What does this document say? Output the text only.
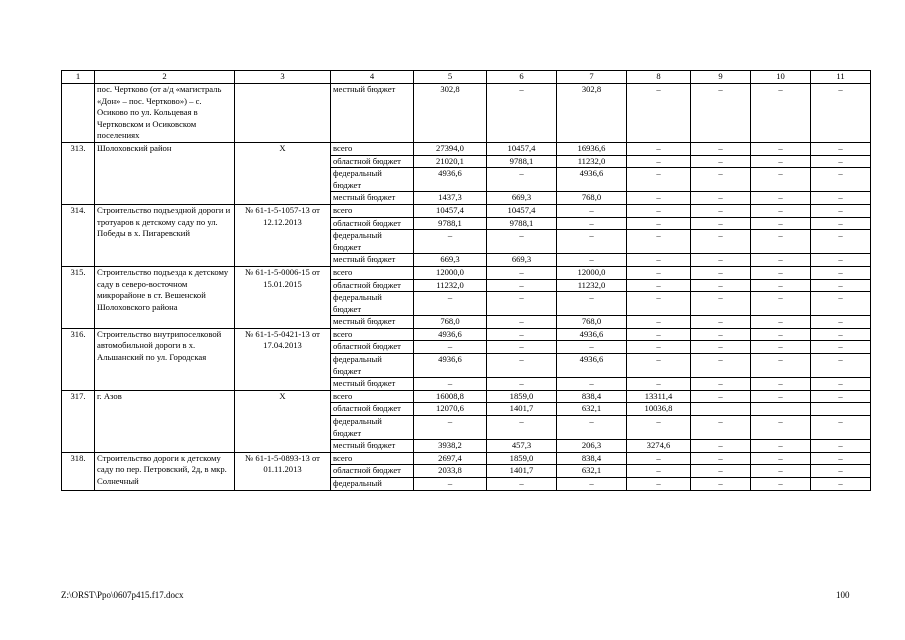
1	2	3	4	5	6	7	8	9	10	11
	пос. Чертково (от а/д «магистраль «Дон» – пос. Чертково») – с. Осиково по ул. Кольцевая в Чертковском и Осиковском поселениях		местный бюджет	302,8	–	302,8	–	–	–	–
313.	Шолоховский район	Х	всего	27394,0	10457,4	16936,6	–	–	–	–
			областной бюджет	21020,1	9788,1	11232,0	–	–	–	–
			федеральный бюджет	4936,6	–	4936,6	–	–	–	–
			местный бюджет	1437,3	669,3	768,0	–	–	–	–
314.	Строительство подъездной дороги и тротуаров к детскому саду по ул. Победы в х. Пигаревский	№ 61-1-5-1057-13 от 12.12.2013	всего	10457,4	10457,4	–	–	–	–	–
			областной бюджет	9788,1	9788,1	–	–	–	–	–
			федеральный бюджет	–	–	–	–	–	–	–
			местный бюджет	669,3	669,3	–	–	–	–	–
315.	Строительство подъезда к детскому саду в северо-восточном микрорайоне в ст. Вешенской Шолоховского района	№ 61-1-5-0006-15 от 15.01.2015	всего	12000,0	–	12000,0	–	–	–	–
			областной бюджет	11232,0	–	11232,0	–	–	–	–
			федеральный бюджет	–	–	–	–	–	–	–
			местный бюджет	768,0	–	768,0	–	–	–	–
316.	Строительство внутрипоселковой автомобильной дороги в х. Альшанский по ул. Городская	№ 61-1-5-0421-13 от 17.04.2013	всего	4936,6	–	4936,6	–	–	–	–
			областной бюджет	–	–	–	–	–	–	–
			федеральный бюджет	4936,6	–	4936,6	–	–	–	–
			местный бюджет	–	–	–	–	–	–	–
317.	г. Азов	Х	всего	16008,8	1859,0	838,4	13311,4	–	–	–
			областной бюджет	12070,6	1401,7	632,1	10036,8			
			федеральный бюджет	–	–	–	–	–	–	–
			местный бюджет	3938,2	457,3	206,3	3274,6	–	–	–
318.	Строительство дороги к детскому саду по пер. Петровский, 2д, в мкр. Солнечный	№ 61-1-5-0893-13 от 01.11.2013	всего	2697,4	1859,0	838,4	–	–	–	–
			областной бюджет	2033,8	1401,7	632,1	–	–	–	–
			федеральный	–	–	–	–	–	–	–
Z:\ORST\Ppo\0607p415.f17.docx	100
